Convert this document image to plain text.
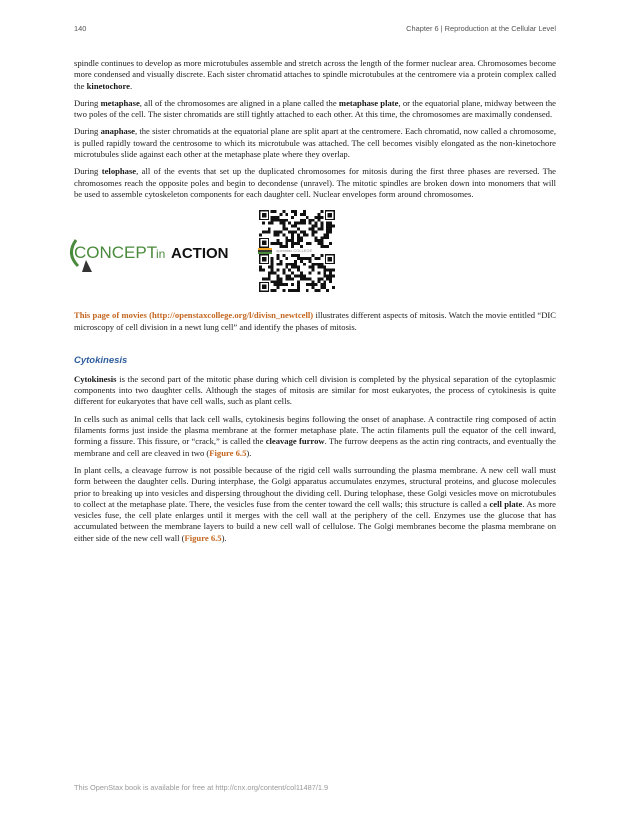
140	Chapter 6 | Reproduction at the Cellular Level

spindle continues to develop as more microtubules assemble and stretch across the length of the former nuclear area. Chromosomes become more condensed and visually discrete. Each sister chromatid attaches to spindle microtubules at the centromere via a protein complex called the kinetochore.

During metaphase, all of the chromosomes are aligned in a plane called the metaphase plate, or the equatorial plane, midway between the two poles of the cell. The sister chromatids are still tightly attached to each other. At this time, the chromosomes are maximally condensed.

During anaphase, the sister chromatids at the equatorial plane are split apart at the centromere. Each chromatid, now called a chromosome, is pulled rapidly toward the centrosome to which its microtubule was attached. The cell becomes visibly elongated as the non-kinetochore microtubules slide against each other at the metaphase plate where they overlap.

During telophase, all of the events that set up the duplicated chromosomes for mitosis during the first three phases are reversed. The chromosomes reach the opposite poles and begin to decondense (unravel). The mitotic spindles are broken down into monomers that will be used to assemble cytoskeleton components for each daughter cell. Nuclear envelopes form around chromosomes.

CONCEPT
in ACTION	openstax COLLEGE

This page of movies (http://openstaxcollege.org/l/divisn_newtcell) illustrates different aspects of mitosis. Watch the movie entitled “DIC microscopy of cell division in a newt lung cell” and identify the phases of mitosis.

Cytokinesis

Cytokinesis is the second part of the mitotic phase during which cell division is completed by the physical separation of the cytoplasmic components into two daughter cells. Although the stages of mitosis are similar for most eukaryotes, the process of cytokinesis is quite different for eukaryotes that have cell walls, such as plant cells.

In cells such as animal cells that lack cell walls, cytokinesis begins following the onset of anaphase. A contractile ring composed of actin filaments forms just inside the plasma membrane at the former metaphase plate. The actin filaments pull the equator of the cell inward, forming a fissure. This fissure, or “crack,” is called the cleavage furrow. The furrow deepens as the actin ring contracts, and eventually the membrane and cell are cleaved in two (Figure 6.5).

In plant cells, a cleavage furrow is not possible because of the rigid cell walls surrounding the plasma membrane. A new cell wall must form between the daughter cells. During interphase, the Golgi apparatus accumulates enzymes, structural proteins, and glucose molecules prior to breaking up into vesicles and dispersing throughout the dividing cell. During telophase, these Golgi vesicles move on microtubules to collect at the metaphase plate. There, the vesicles fuse from the center toward the cell walls; this structure is called a cell plate. As more vesicles fuse, the cell plate enlarges until it merges with the cell wall at the periphery of the cell. Enzymes use the glucose that has accumulated between the membrane layers to build a new cell wall of cellulose. The Golgi membranes become the plasma membrane on either side of the new cell wall (Figure 6.5).

This OpenStax book is available for free at http://cnx.org/content/col11487/1.9
